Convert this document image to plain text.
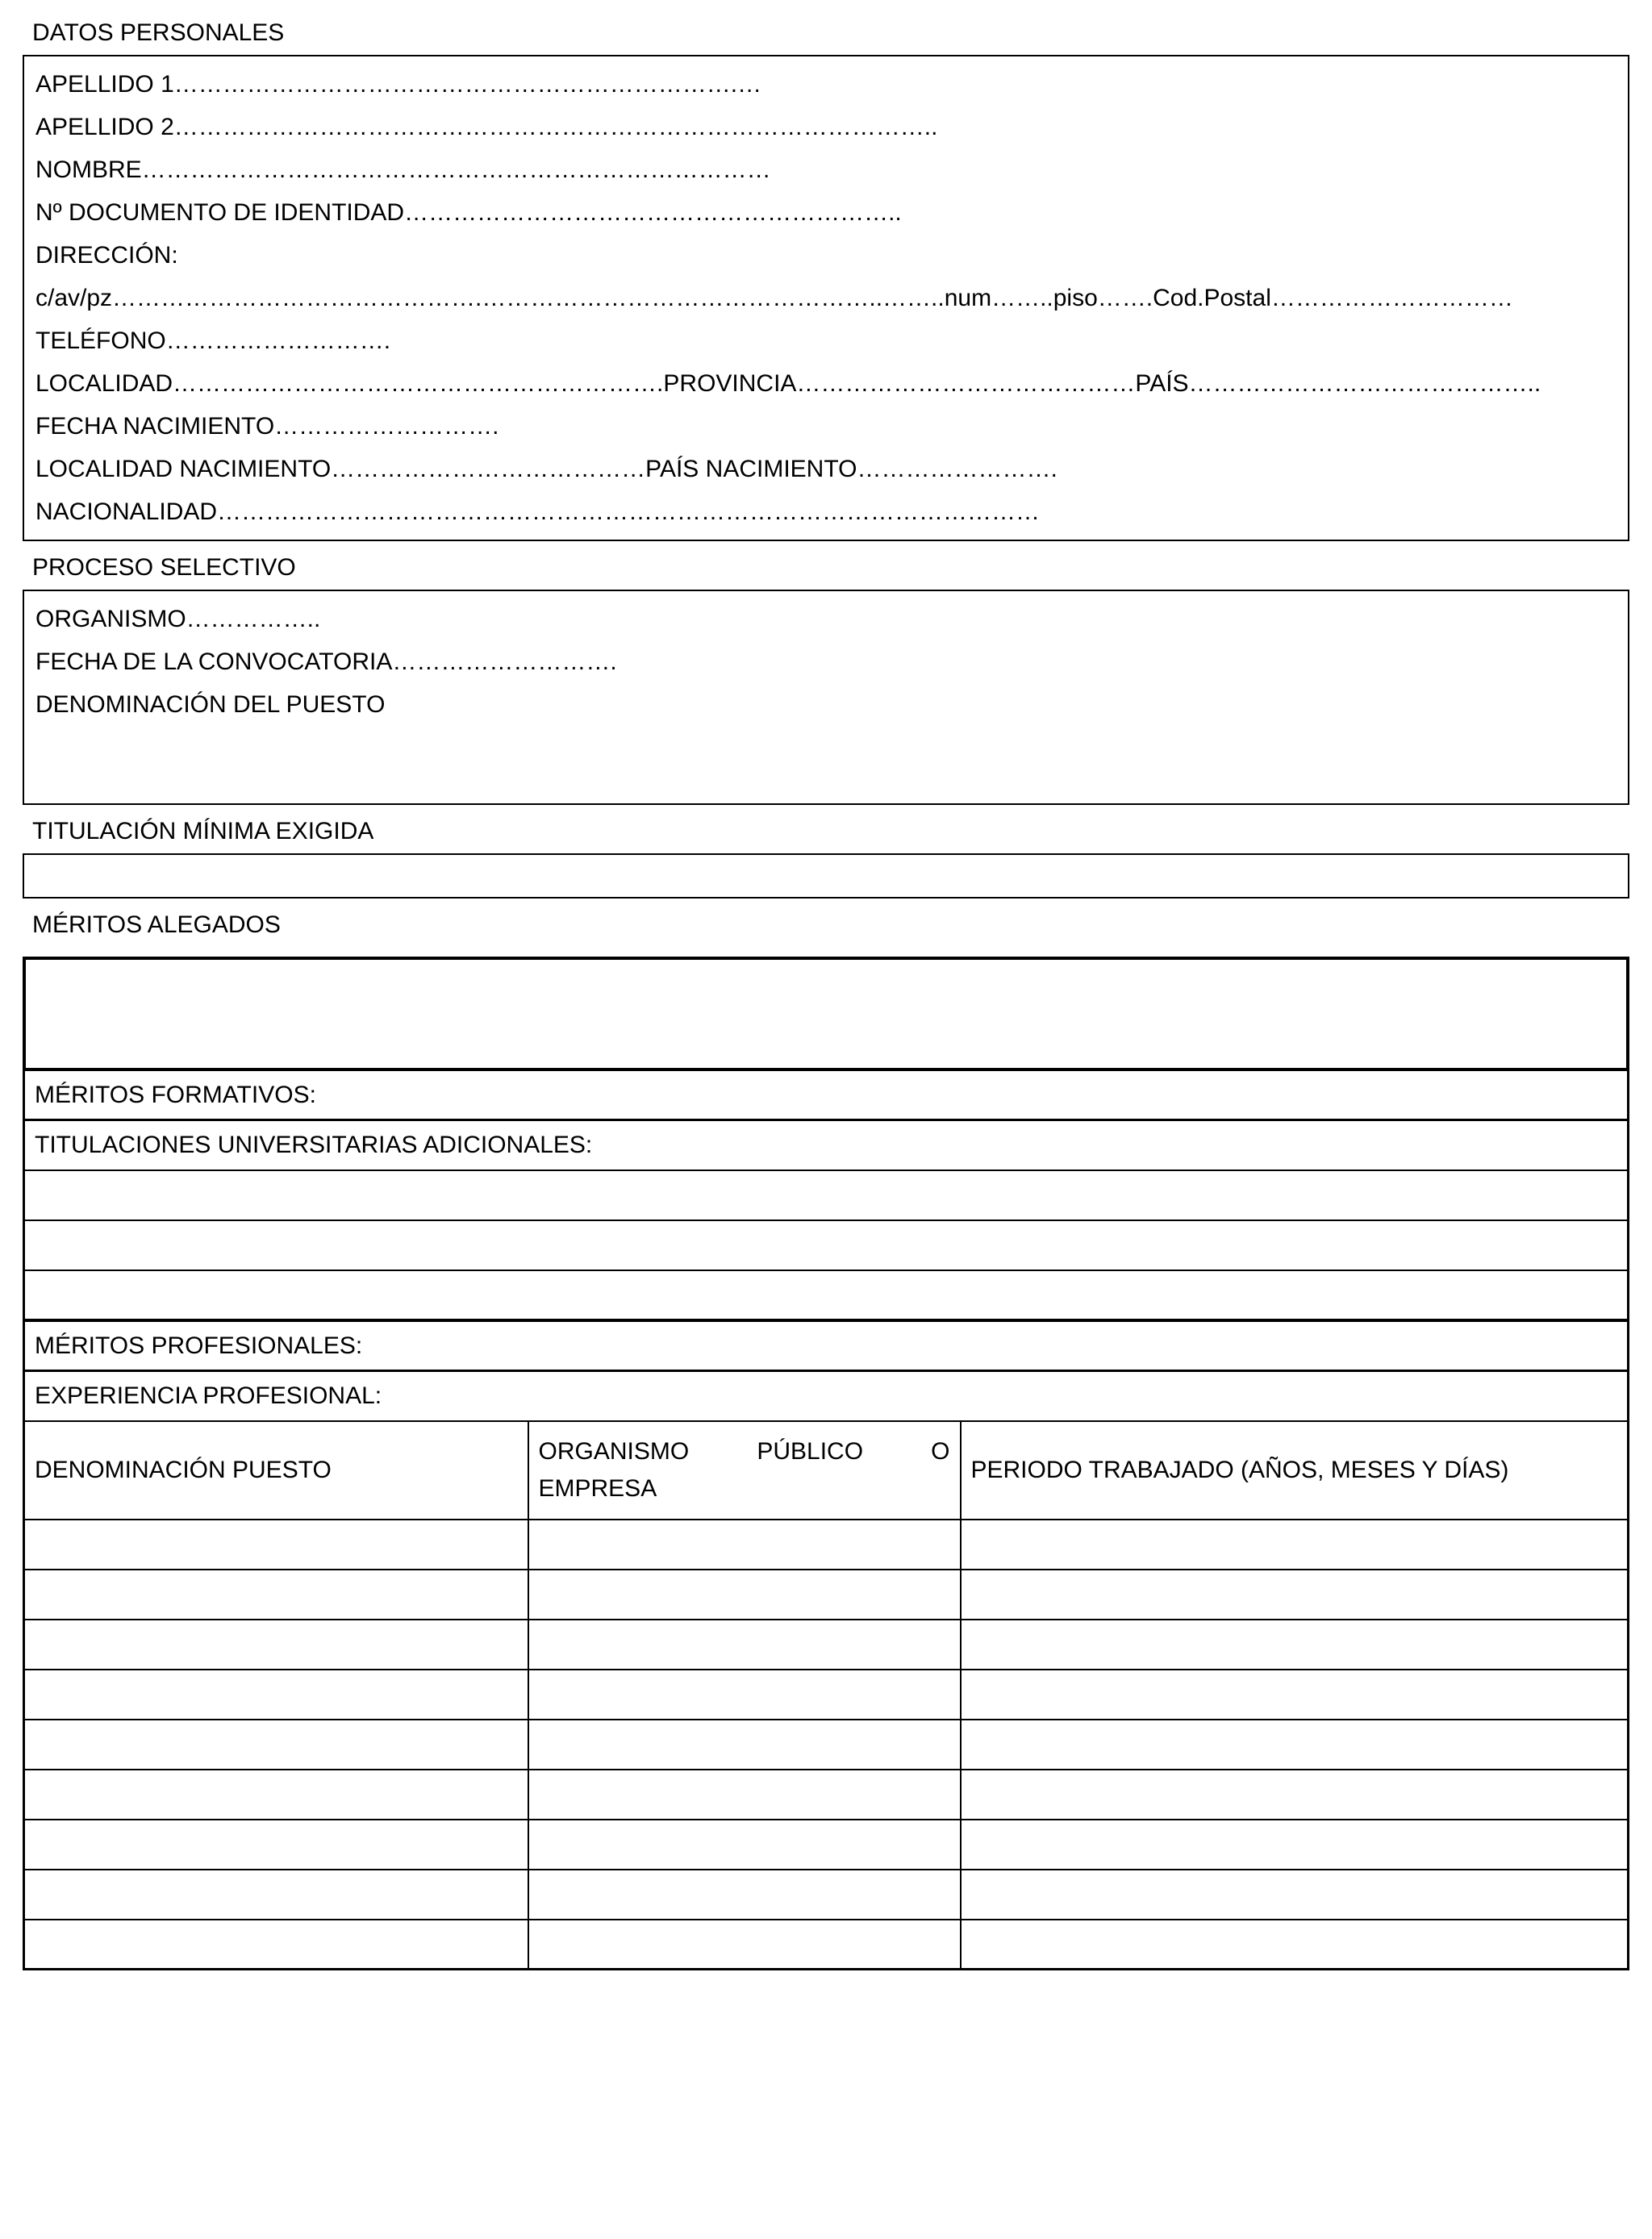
DATOS PERSONALES
APELLIDO 1…………………………………………………………….…
APELLIDO 2…………………………………………………………………………………..
NOMBRE……………………………………………………………………
Nº DOCUMENTO DE IDENTIDAD……………………………………………………..
DIRECCIÓN:
c/av/pz……………………………………….…………………………………………..……..num……..piso…….Cod.Postal…………………………
TELÉFONO……………………….
LOCALIDAD…………………………………………………….PROVINCIA……………………………………PAÍS……………………………………..
FECHA NACIMIENTO……………………….
LOCALIDAD NACIMIENTO…………………………………PAÍS NACIMIENTO…………………….
NACIONALIDAD…………………………………………………………………………………………
PROCESO SELECTIVO
ORGANISMO……………..
FECHA DE LA CONVOCATORIA……………………….
DENOMINACIÓN DEL PUESTO
TITULACIÓN MÍNIMA EXIGIDA
MÉRITOS ALEGADOS
MÉRITOS FORMATIVOS:
TITULACIONES UNIVERSITARIAS ADICIONALES:

MÉRITOS PROFESIONALES:		
EXPERIENCIA PROFESIONAL:		
DENOMINACIÓN PUESTO	ORGANISMO PÚBLICO O EMPRESA	PERIODO TRABAJADO (AÑOS, MESES Y DÍAS)
